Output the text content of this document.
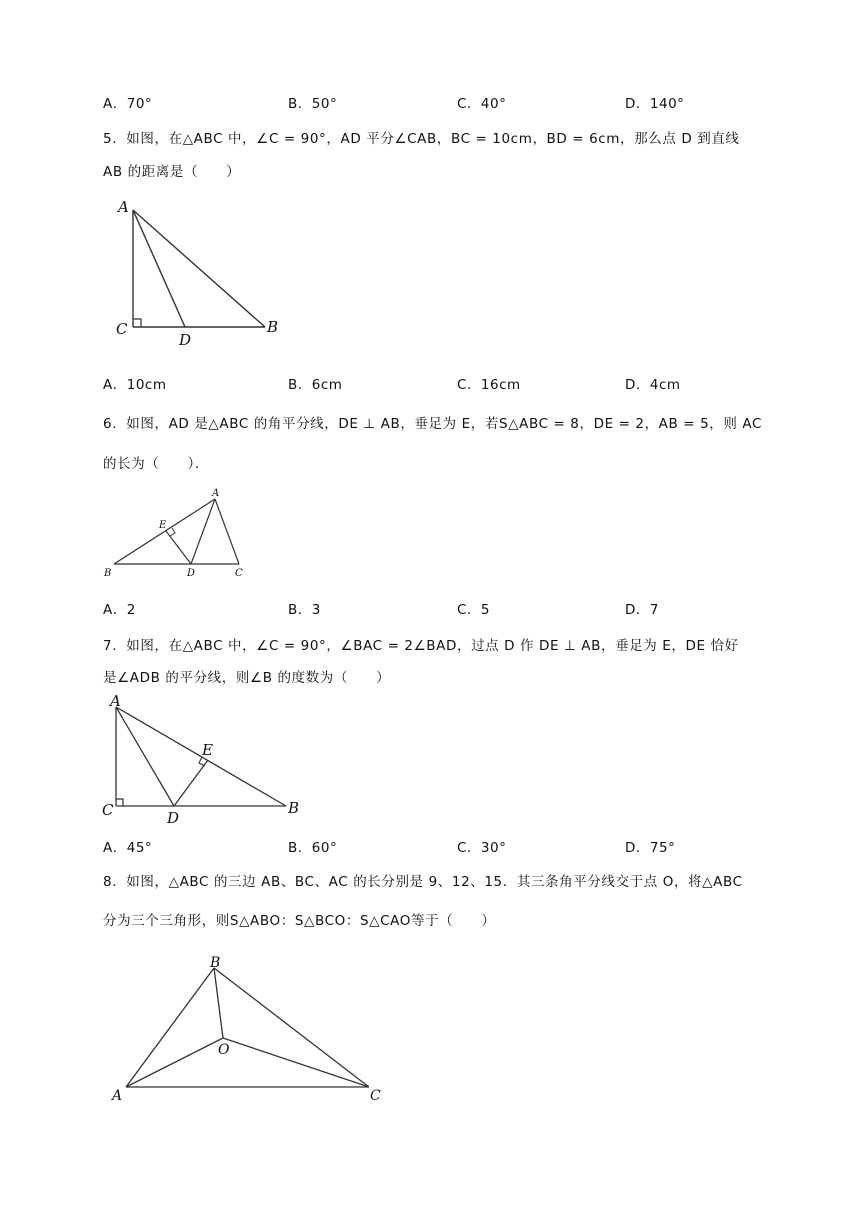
A．70°	B．50°	C．40°	D．140°
5．如图，在△ABC 中，∠C = 90°，AD 平分∠CAB，BC = 10cm，BD = 6cm，那么点 D 到直线
AB 的距离是（　　）
A
C
D
B
A．10cm	B．6cm	C．16cm	D．4cm
6．如图，AD 是△ABC 的角平分线，DE ⊥ AB，垂足为 E，若S△ABC = 8，DE = 2，AB = 5，则 AC
的长为（　　）．
A
E
B	D	C
A．2	B．3	C．5	D．7
7．如图，在△ABC 中，∠C = 90°，∠BAC = 2∠BAD，过点 D 作 DE ⊥ AB，垂足为 E，DE 恰好
是∠ADB 的平分线，则∠B 的度数为（　　）
A
E
C	D
B
A．45°	B．60°	C．30°	D．75°
8．如图，△ABC 的三边 AB、BC、AC 的长分别是 9、12、15．其三条角平分线交于点 O，将△ABC
分为三个三角形，则S△ABO：S△BCO：S△CAO等于（　　）
B
O
A	C
